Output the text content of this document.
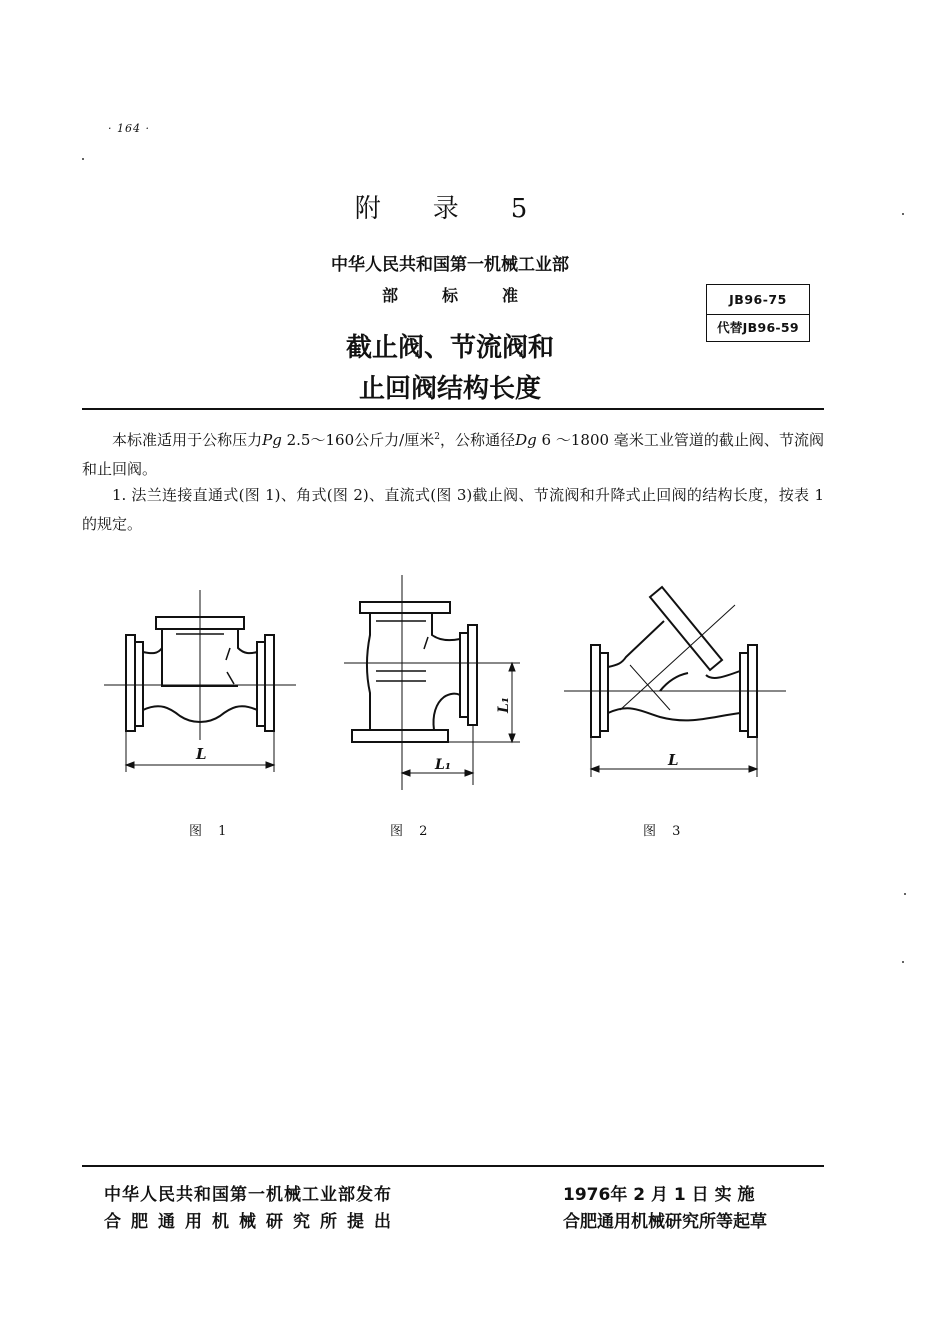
· 164 ·
附 录 5
中华人民共和国第一机械工业部
部	标	准	JB96-75
代替JB96-59
截止阀、节流阀和
止回阀结构长度
本标准适用于公称压力Pg 2.5～160公斤力/厘米$^2$，公称通径Dg 6 ～1800 毫米工业管道的截止阀、节流阀和止回阀。
1. 法兰连接直通式(图 1)、角式(图 2)、直流式(图 3)截止阀、节流阀和升降式止回阀的结构长度，按表 1 的规定。
L
L₁
L₁
L
图 1	图 2	图 3
中华人民共和国第一机械工业部发布
合肥通用机械研究所提出
1976年 2 月 1 日 实 施
合肥通用机械研究所等起草
